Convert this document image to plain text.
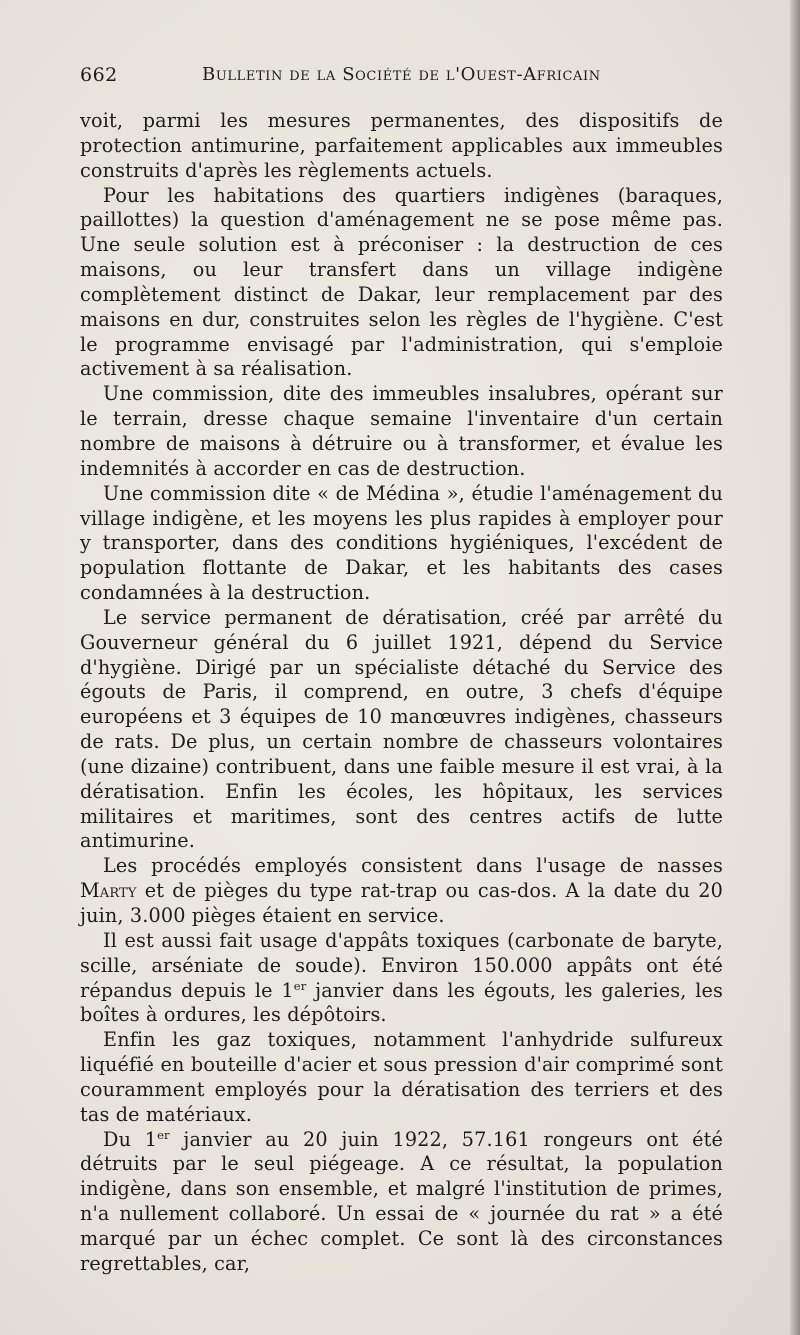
662	Bulletin de la Société de l'Ouest-Africain

voit, parmi les mesures permanentes, des dispositifs de protection antimurine, parfaitement applicables aux immeubles construits d'après les règlements actuels.

Pour les habitations des quartiers indigènes (baraques, paillottes) la question d'aménagement ne se pose même pas. Une seule solution est à préconiser : la destruction de ces maisons, ou leur transfert dans un village indigène complètement distinct de Dakar, leur remplacement par des maisons en dur, construites selon les règles de l'hygiène. C'est le programme envisagé par l'administration, qui s'emploie activement à sa réalisation.

Une commission, dite des immeubles insalubres, opérant sur le terrain, dresse chaque semaine l'inventaire d'un certain nombre de maisons à détruire ou à transformer, et évalue les indemnités à accorder en cas de destruction.

Une commission dite « de Médina », étudie l'aménagement du village indigène, et les moyens les plus rapides à employer pour y transporter, dans des conditions hygiéniques, l'excédent de population flottante de Dakar, et les habitants des cases condamnées à la destruction.

Le service permanent de dératisation, créé par arrêté du Gouverneur général du 6 juillet 1921, dépend du Service d'hygiène. Dirigé par un spécialiste détaché du Service des égouts de Paris, il comprend, en outre, 3 chefs d'équipe européens et 3 équipes de 10 manœuvres indigènes, chasseurs de rats. De plus, un certain nombre de chasseurs volontaires (une dizaine) contribuent, dans une faible mesure il est vrai, à la dératisation. Enfin les écoles, les hôpitaux, les services militaires et maritimes, sont des centres actifs de lutte antimurine.

Les procédés employés consistent dans l'usage de nasses Marty et de pièges du type rat-trap ou cas-dos. A la date du 20 juin, 3.000 pièges étaient en service.

Il est aussi fait usage d'appâts toxiques (carbonate de baryte, scille, arséniate de soude). Environ 150.000 appâts ont été répandus depuis le 1er janvier dans les égouts, les galeries, les boîtes à ordures, les dépôtoirs.

Enfin les gaz toxiques, notamment l'anhydride sulfureux liquéfié en bouteille d'acier et sous pression d'air comprimé sont couramment employés pour la dératisation des terriers et des tas de matériaux.

Du 1er janvier au 20 juin 1922, 57.161 rongeurs ont été détruits par le seul piégeage. A ce résultat, la population indigène, dans son ensemble, et malgré l'institution de primes, n'a nullement collaboré. Un essai de « journée du rat » a été marqué par un échec complet. Ce sont là des circonstances regrettables, car,
